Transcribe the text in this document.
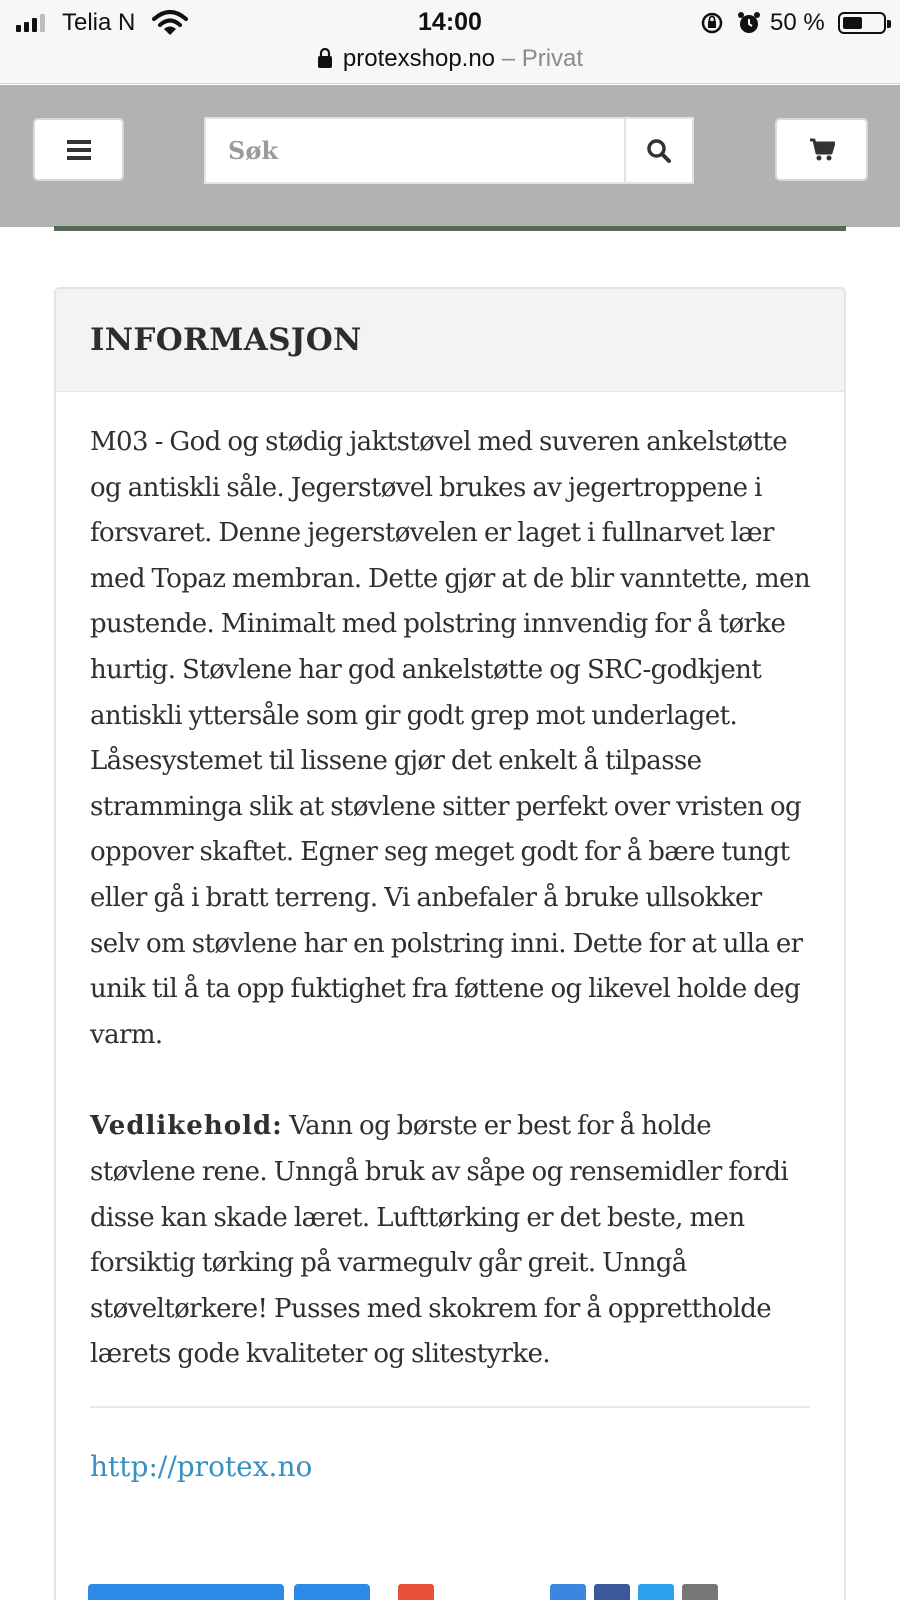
Telia N	14:00	50 %
protexshop.no – Privat
Søk
INFORMASJON

M03 - God og stødig jaktstøvel med suveren ankelstøtte og antiskli såle. Jegerstøvel brukes av jegertroppene i forsvaret. Denne jegerstøvelen er laget i fullnarvet lær med Topaz membran. Dette gjør at de blir vanntette, men pustende. Minimalt med polstring innvendig for å tørke hurtig. Støvlene har god ankelstøtte og SRC-godkjent antiskli yttersåle som gir godt grep mot underlaget. Låsesystemet til lissene gjør det enkelt å tilpasse stramminga slik at støvlene sitter perfekt over vristen og oppover skaftet. Egner seg meget godt for å bære tungt eller gå i bratt terreng. Vi anbefaler å bruke ullsokker selv om støvlene har en polstring inni. Dette for at ulla er unik til å ta opp fuktighet fra føttene og likevel holde deg varm.

Vedlikehold: Vann og børste er best for å holde støvlene rene. Unngå bruk av såpe og rensemidler fordi disse kan skade læret. Lufttørking er det beste, men forsiktig tørking på varmegulv går greit. Unngå støveltørkere! Pusses med skokrem for å opprettholde lærets gode kvaliteter og slitestyrke.

http://protex.no
